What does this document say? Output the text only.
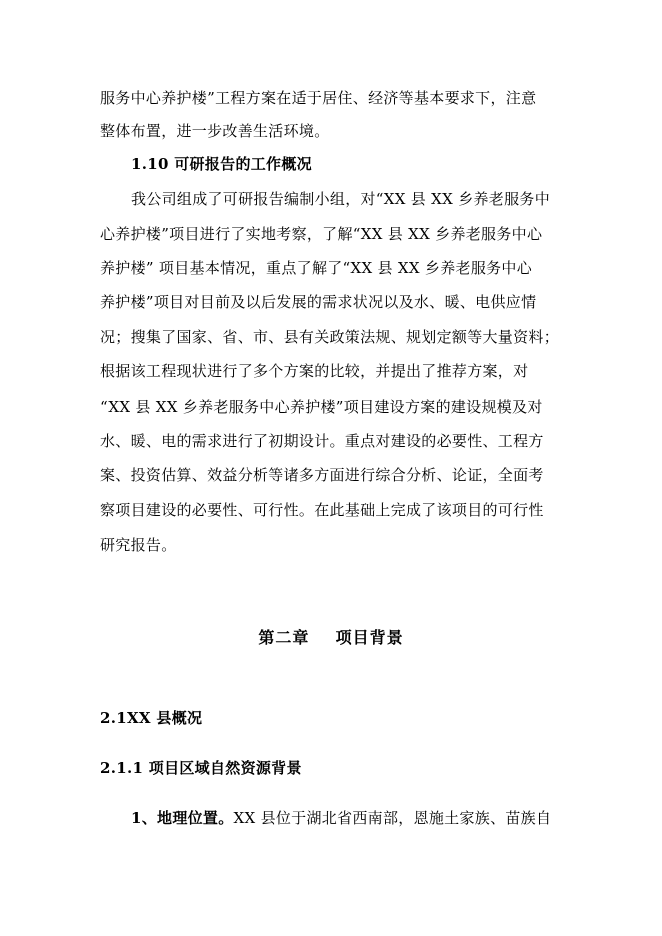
服务中心养护楼”工程方案在适于居住、经济等基本要求下，注意
整体布置，进一步改善生活环境。
1.10 可研报告的工作概况
我公司组成了可研报告编制小组，对“XX 县 XX 乡养老服务中
心养护楼”项目进行了实地考察，了解“XX 县 XX 乡养老服务中心
养护楼” 项目基本情况，重点了解了“XX 县 XX 乡养老服务中心
养护楼”项目对目前及以后发展的需求状况以及水、暖、电供应情
况；搜集了国家、省、市、县有关政策法规、规划定额等大量资料；
根据该工程现状进行了多个方案的比较，并提出了推荐方案，对
“XX 县 XX 乡养老服务中心养护楼”项目建设方案的建设规模及对
水、暖、电的需求进行了初期设计。重点对建设的必要性、工程方
案、投资估算、效益分析等诸多方面进行综合分析、论证，全面考
察项目建设的必要性、可行性。在此基础上完成了该项目的可行性
研究报告。
第二章    项目背景
2.1XX 县概况
2.1.1 项目区域自然资源背景
1、地理位置。XX 县位于湖北省西南部，恩施土家族、苗族自
